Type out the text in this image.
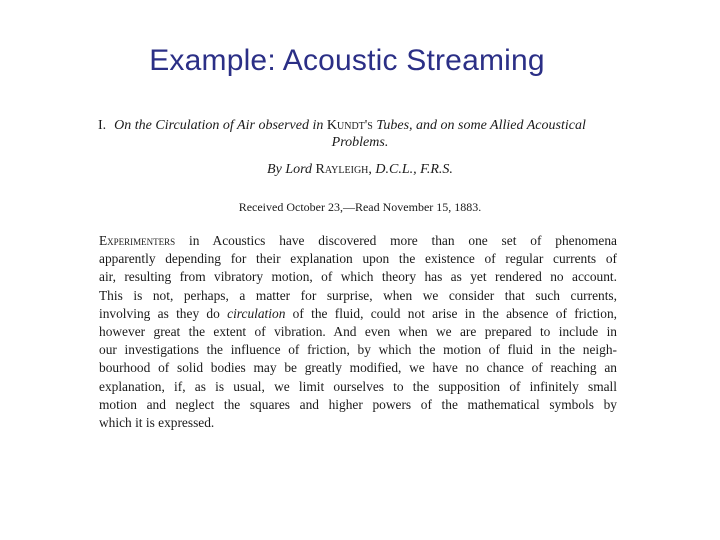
Example: Acoustic Streaming
I. On the Circulation of Air observed in Kundt's Tubes, and on some Allied Acoustical
Problems.
By Lord Rayleigh, D.C.L., F.R.S.
Received October 23,—Read November 15, 1883.
Experimenters in Acoustics have discovered more than one set of phenomena
apparently depending for their explanation upon the existence of regular currents of
air, resulting from vibratory motion, of which theory has as yet rendered no account.
This is not, perhaps, a matter for surprise, when we consider that such currents,
involving as they do circulation of the fluid, could not arise in the absence of friction,
however great the extent of vibration. And even when we are prepared to include in
our investigations the influence of friction, by which the motion of fluid in the neigh-
bourhood of solid bodies may be greatly modified, we have no chance of reaching an
explanation, if, as is usual, we limit ourselves to the supposition of infinitely small
motion and neglect the squares and higher powers of the mathematical symbols by
which it is expressed.
